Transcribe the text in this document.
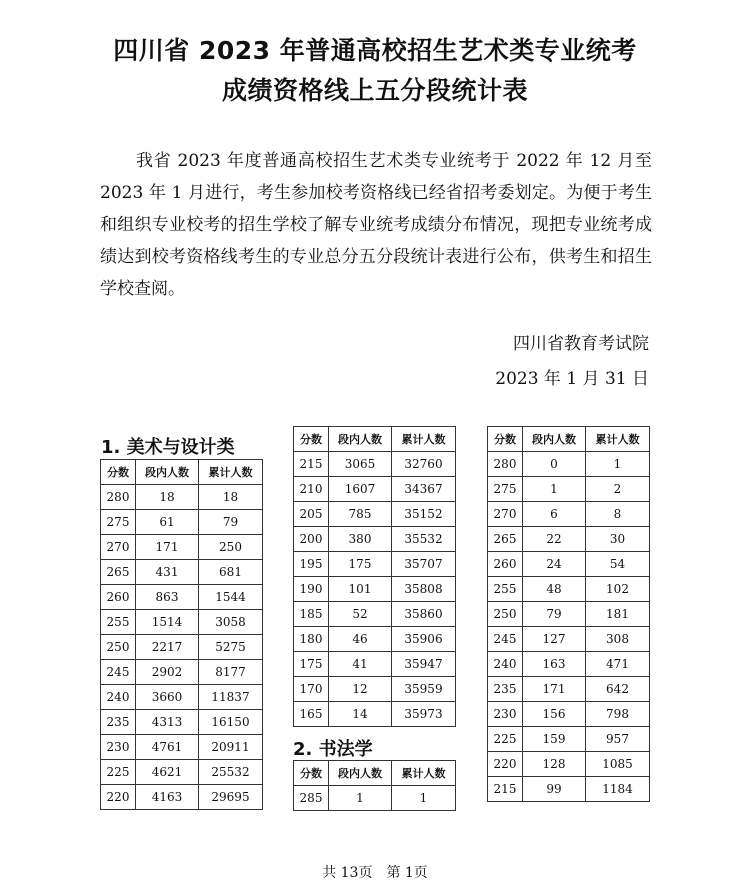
四川省 2023 年普通高校招生艺术类专业统考
成绩资格线上五分段统计表
我省 2023 年度普通高校招生艺术类专业统考于 2022 年 12 月至 2023 年 1 月进行，考生参加校考资格线已经省招考委划定。为便于考生和组织专业校考的招生学校了解专业统考成绩分布情况，现把专业统考成绩达到校考资格线考生的专业总分五分段统计表进行公布，供考生和招生学校查阅。
四川省教育考试院
2023 年 1 月 31 日
1. 美术与设计类
分数	段内人数	累计人数
280	18	18
275	61	79
270	171	250
265	431	681
260	863	1544
255	1514	3058
250	2217	5275
245	2902	8177
240	3660	11837
235	4313	16150
230	4761	20911
225	4621	25532
220	4163	29695
分数	段内人数	累计人数
215	3065	32760
210	1607	34367
205	785	35152
200	380	35532
195	175	35707
190	101	35808
185	52	35860
180	46	35906
175	41	35947
170	12	35959
165	14	35973
2. 书法学
分数	段内人数	累计人数
285	1	1
分数	段内人数	累计人数
280	0	1
275	1	2
270	6	8
265	22	30
260	24	54
255	48	102
250	79	181
245	127	308
240	163	471
235	171	642
230	156	798
225	159	957
220	128	1085
215	99	1184
共 13页　第 1页
